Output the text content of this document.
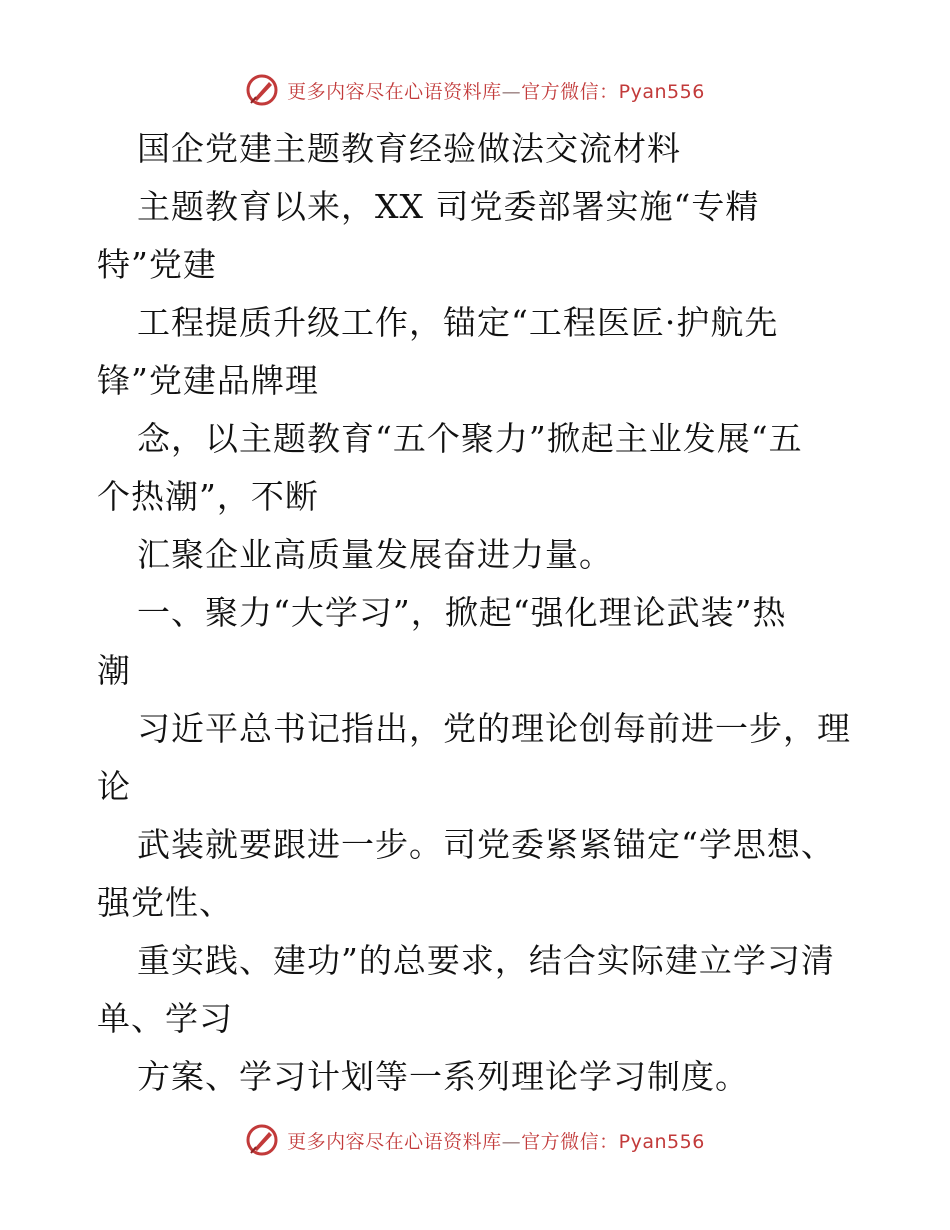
更多内容尽在心语资料库—官方微信：Pyan556
国企党建主题教育经验做法交流材料
主题教育以来，XX 司党委部署实施“专精
特”党建
工程提质升级工作，锚定“工程医匠·护航先
锋”党建品牌理
念，以主题教育“五个聚力”掀起主业发展“五
个热潮”，不断
汇聚企业高质量发展奋进力量。
一、聚力“大学习”，掀起“强化理论武装”热
潮
习近平总书记指出，党的理论创每前进一步，理
论
武装就要跟进一步。司党委紧紧锚定“学思想、
强党性、
重实践、建功”的总要求，结合实际建立学习清
单、学习
方案、学习计划等一系列理论学习制度。
更多内容尽在心语资料库—官方微信：Pyan556
